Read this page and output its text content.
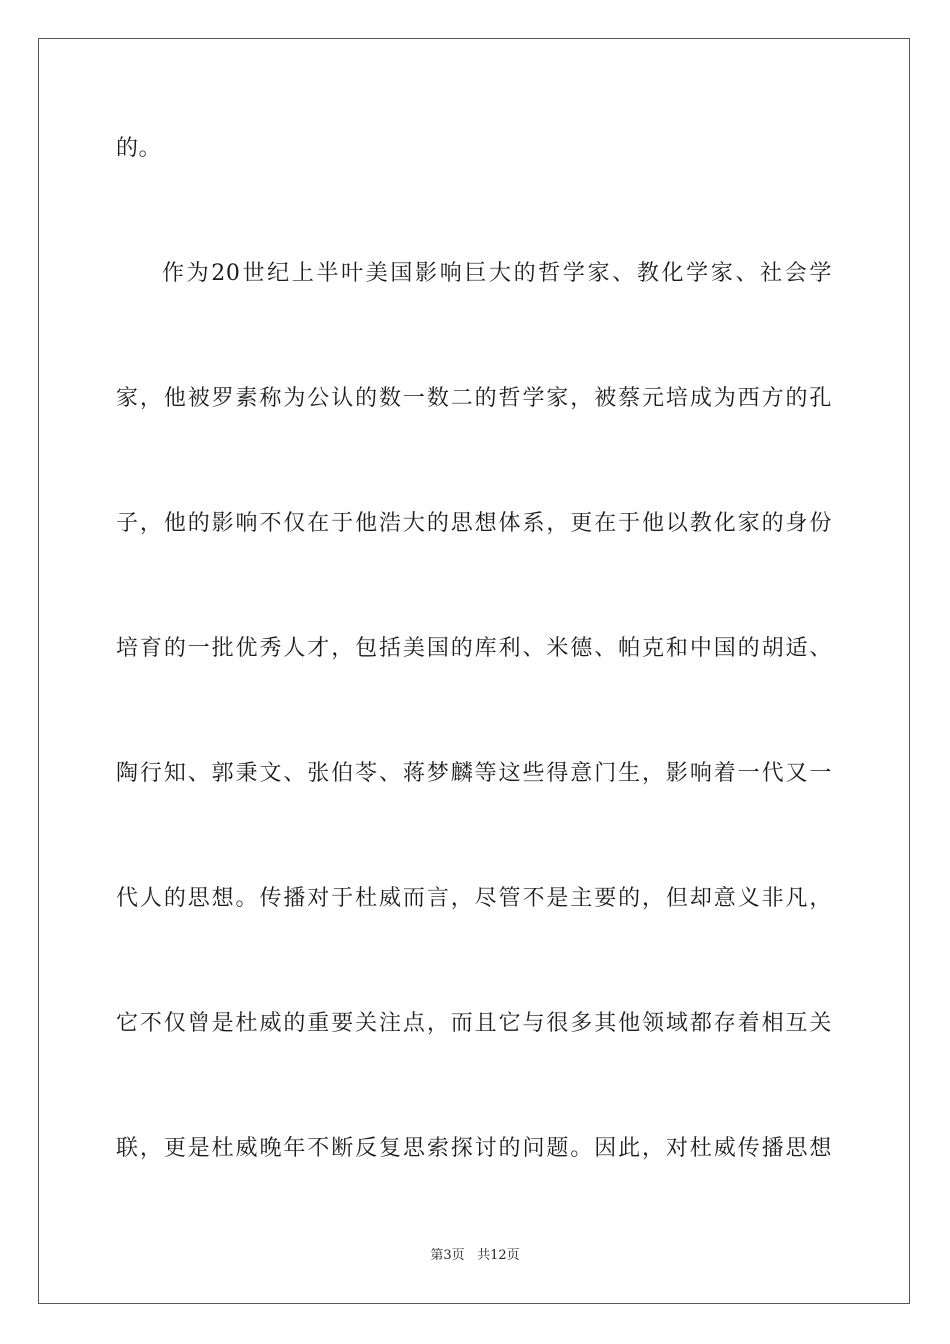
的。
作为20世纪上半叶美国影响巨大的哲学家、教化学家、社会学
家，他被罗素称为公认的数一数二的哲学家，被蔡元培成为西方的孔
子，他的影响不仅在于他浩大的思想体系，更在于他以教化家的身份
培育的一批优秀人才，包括美国的库利、米德、帕克和中国的胡适、
陶行知、郭秉文、张伯苓、蒋梦麟等这些得意门生，影响着一代又一
代人的思想。传播对于杜威而言，尽管不是主要的，但却意义非凡，
它不仅曾是杜威的重要关注点，而且它与很多其他领域都存着相互关
联，更是杜威晚年不断反复思索探讨的问题。因此，对杜威传播思想
第3页 共12页
